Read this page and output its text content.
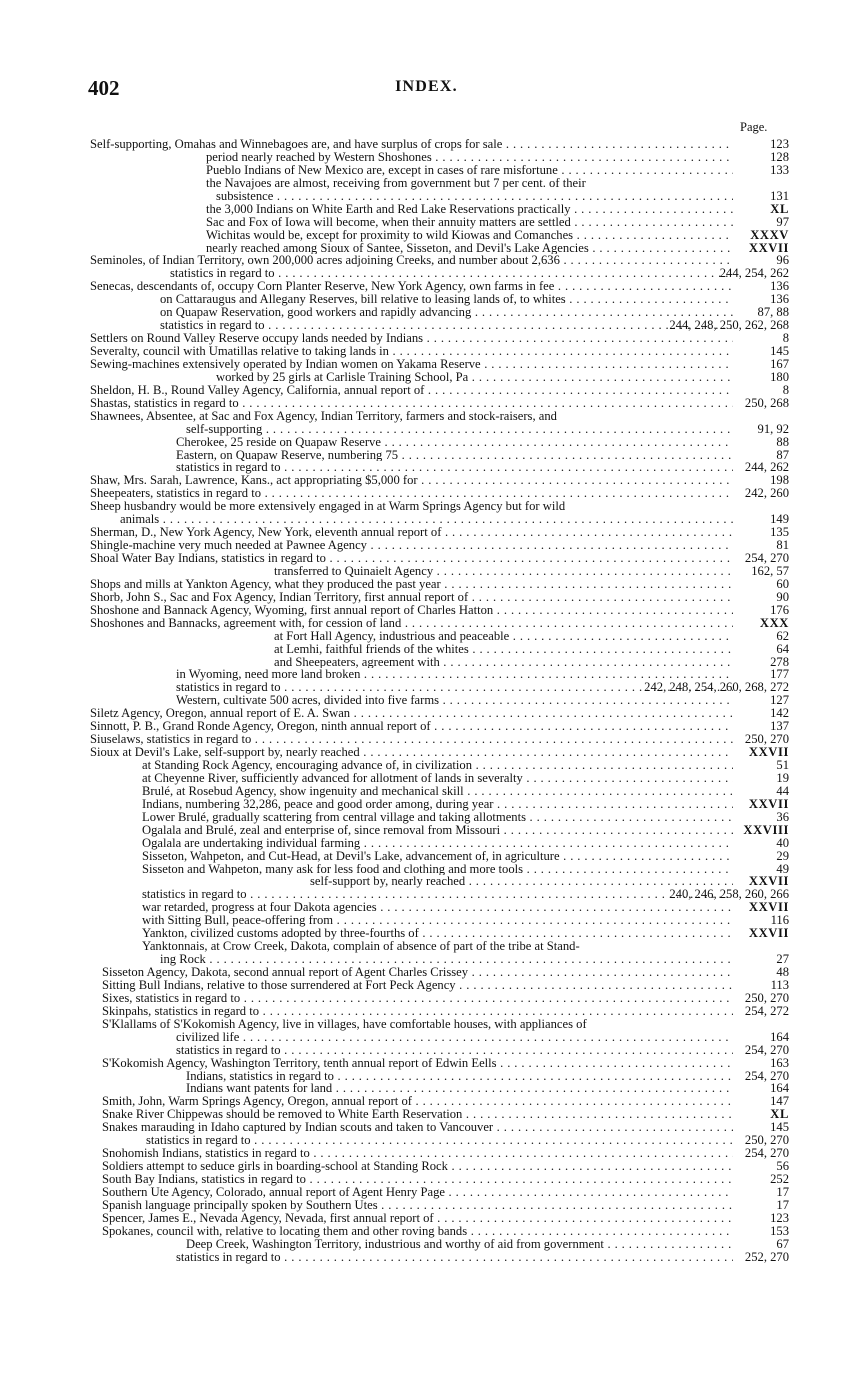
402	INDEX.
Page.
Self-supporting, Omahas and Winnebagoes are, and have surplus of crops for sale . . .	123
period nearly reached by Western Shoshones . . .	128
Pueblo Indians of New Mexico are, except in cases of rare misfortune . . .	133
the Navajoes are almost, receiving from government but 7 per cent. of their
subsistence . . .	131
the 3,000 Indians on White Earth and Red Lake Reservations practically . . .	XL
Sac and Fox of Iowa will become, when their annuity matters are settled . . .	97
Wichitas would be, except for proximity to wild Kiowas and Comanches . . .	XXXV
nearly reached among Sioux of Santee, Sisseton, and Devil's Lake Agencies . . .	XXVII
Seminoles, of Indian Territory, own 200,000 acres adjoining Creeks, and number about 2,636 . . .	96
statistics in regard to . . .	244, 254, 262
Senecas, descendants of, occupy Corn Planter Reserve, New York Agency, own farms in fee . . .	136
on Cattaraugus and Allegany Reserves, bill relative to leasing lands of, to whites . . .	136
on Quapaw Reservation, good workers and rapidly advancing . . .	87, 88
statistics in regard to . . .	244, 248, 250, 262, 268
Settlers on Round Valley Reserve occupy lands needed by Indians . . .	8
Severalty, council with Umatillas relative to taking lands in . . .	145
Sewing-machines extensively operated by Indian women on Yakama Reserve . . .	167
worked by 25 girls at Carlisle Training School, Pa . . .	180
Sheldon, H. B., Round Valley Agency, California, annual report of . . .	8
Shastas, statistics in regard to . . .	250, 268
Shawnees, Absentee, at Sac and Fox Agency, Indian Territory, farmers and stock-raisers, and
self-supporting . . .	91, 92
Cherokee, 25 reside on Quapaw Reserve . . .	88
Eastern, on Quapaw Reserve, numbering 75 . . .	87
statistics in regard to . . .	244, 262
Shaw, Mrs. Sarah, Lawrence, Kans., act appropriating $5,000 for . . .	198
Sheepeaters, statistics in regard to . . .	242, 260
Sheep husbandry would be more extensively engaged in at Warm Springs Agency but for wild
animals . . .	149
Sherman, D., New York Agency, New York, eleventh annual report of . . .	135
Shingle-machine very much needed at Pawnee Agency . . .	81
Shoal Water Bay Indians, statistics in regard to . . .	254, 270
transferred to Quinaielt Agency . . .	162, 57
Shops and mills at Yankton Agency, what they produced the past year . . .	60
Shorb, John S., Sac and Fox Agency, Indian Territory, first annual report of . . .	90
Shoshone and Bannack Agency, Wyoming, first annual report of Charles Hatton . . .	176
Shoshones and Bannacks, agreement with, for cession of land . . .	XXX
at Fort Hall Agency, industrious and peaceable . . .	62
at Lemhi, faithful friends of the whites . . .	64
and Sheepeaters, agreement with . . .	278
in Wyoming, need more land broken . . .	177
statistics in regard to . . .	242, 248, 254, 260, 268, 272
Western, cultivate 500 acres, divided into five farms . . .	127
Siletz Agency, Oregon, annual report of E. A. Swan . . .	142
Sinnott, P. B., Grand Ronde Agency, Oregon, ninth annual report of . . .	137
Siuselaws, statistics in regard to . . .	250, 270
Sioux at Devil's Lake, self-support by, nearly reached . . .	XXVII
at Standing Rock Agency, encouraging advance of, in civilization . . .	51
at Cheyenne River, sufficiently advanced for allotment of lands in severalty . . .	19
Brulé, at Rosebud Agency, show ingenuity and mechanical skill . . .	44
Indians, numbering 32,286, peace and good order among, during year . . .	XXVII
Lower Brulé, gradually scattering from central village and taking allotments . . .	36
Ogalala and Brulé, zeal and enterprise of, since removal from Missouri . . .	XXVIII
Ogalala are undertaking individual farming . . .	40
Sisseton, Wahpeton, and Cut-Head, at Devil's Lake, advancement of, in agriculture . . .	29
Sisseton and Wahpeton, many ask for less food and clothing and more tools . . .	49
self-support by, nearly reached . . .	XXVII
statistics in regard to . . .	240, 246, 258, 260, 266
war retarded, progress at four Dakota agencies . . .	XXVII
with Sitting Bull, peace-offering from . . .	116
Yankton, civilized customs adopted by three-fourths of . . .	XXVII
Yanktonnais, at Crow Creek, Dakota, complain of absence of part of the tribe at Stand-
ing Rock . . .	27
Sisseton Agency, Dakota, second annual report of Agent Charles Crissey . . .	48
Sitting Bull Indians, relative to those surrendered at Fort Peck Agency . . .	113
Sixes, statistics in regard to . . .	250, 270
Skinpahs, statistics in regard to . . .	254, 272
S'Klallams of S'Kokomish Agency, live in villages, have comfortable houses, with appliances of
civilized life . . .	164
statistics in regard to . . .	254, 270
S'Kokomish Agency, Washington Territory, tenth annual report of Edwin Eells . . .	163
Indians, statistics in regard to . . .	254, 270
Indians want patents for land . . .	164
Smith, John, Warm Springs Agency, Oregon, annual report of . . .	147
Snake River Chippewas should be removed to White Earth Reservation . . .	XL
Snakes marauding in Idaho captured by Indian scouts and taken to Vancouver . . .	145
statistics in regard to . . .	250, 270
Snohomish Indians, statistics in regard to . . .	254, 270
Soldiers attempt to seduce girls in boarding-school at Standing Rock . . .	56
South Bay Indians, statistics in regard to . . .	252
Southern Ute Agency, Colorado, annual report of Agent Henry Page . . .	17
Spanish language principally spoken by Southern Utes . . .	17
Spencer, James E., Nevada Agency, Nevada, first annual report of . . .	123
Spokanes, council with, relative to locating them and other roving bands . . .	153
Deep Creek, Washington Territory, industrious and worthy of aid from government . . .	67
statistics in regard to . . .	252, 270
